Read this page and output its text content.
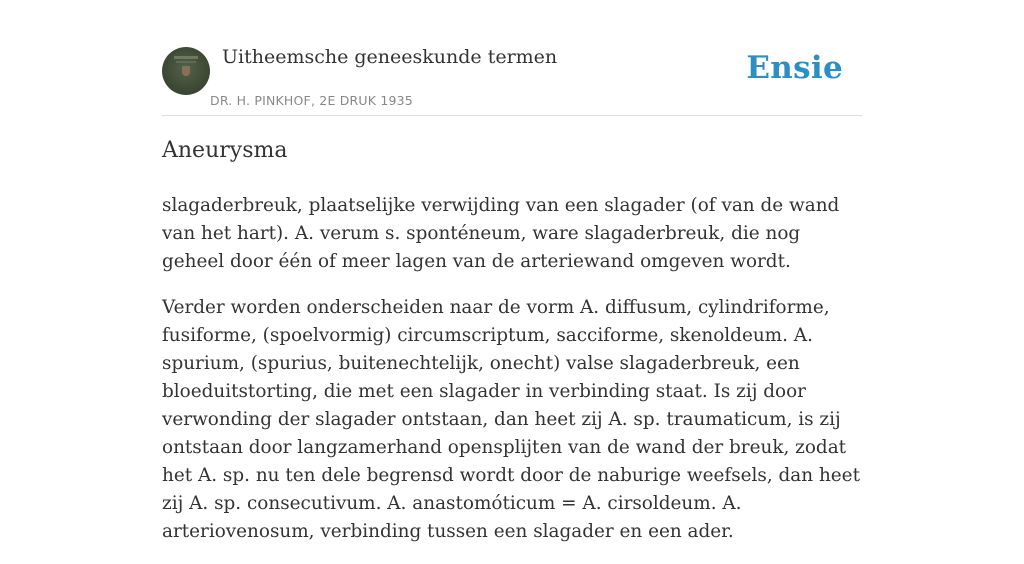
Uitheemsche geneeskunde termen
DR. H. PINKHOF, 2E DRUK 1935
Ensie
Aneurysma

slagaderbreuk, plaatselijke verwijding van een slagader (of van de wand van het hart). A. verum s. sponténeum, ware slagaderbreuk, die nog geheel door één of meer lagen van de arteriewand omgeven wordt.

Verder worden onderscheiden naar de vorm A. diffusum, cylindriforme, fusiforme, (spoelvormig) circumscriptum, sacciforme, skenoldeum. A. spurium, (spurius, buitenechtelijk, onecht) valse slagaderbreuk, een bloeduitstorting, die met een slagader in verbinding staat. Is zij door verwonding der slagader ontstaan, dan heet zij A. sp. traumaticum, is zij ontstaan door langzamerhand opensplijten van de wand der breuk, zodat het A. sp. nu ten dele begrensd wordt door de naburige weefsels, dan heet zij A. sp. consecutivum. A. anastomóticum = A. cirsoldeum. A. arteriovenosum, verbinding tussen een slagader en een ader.
